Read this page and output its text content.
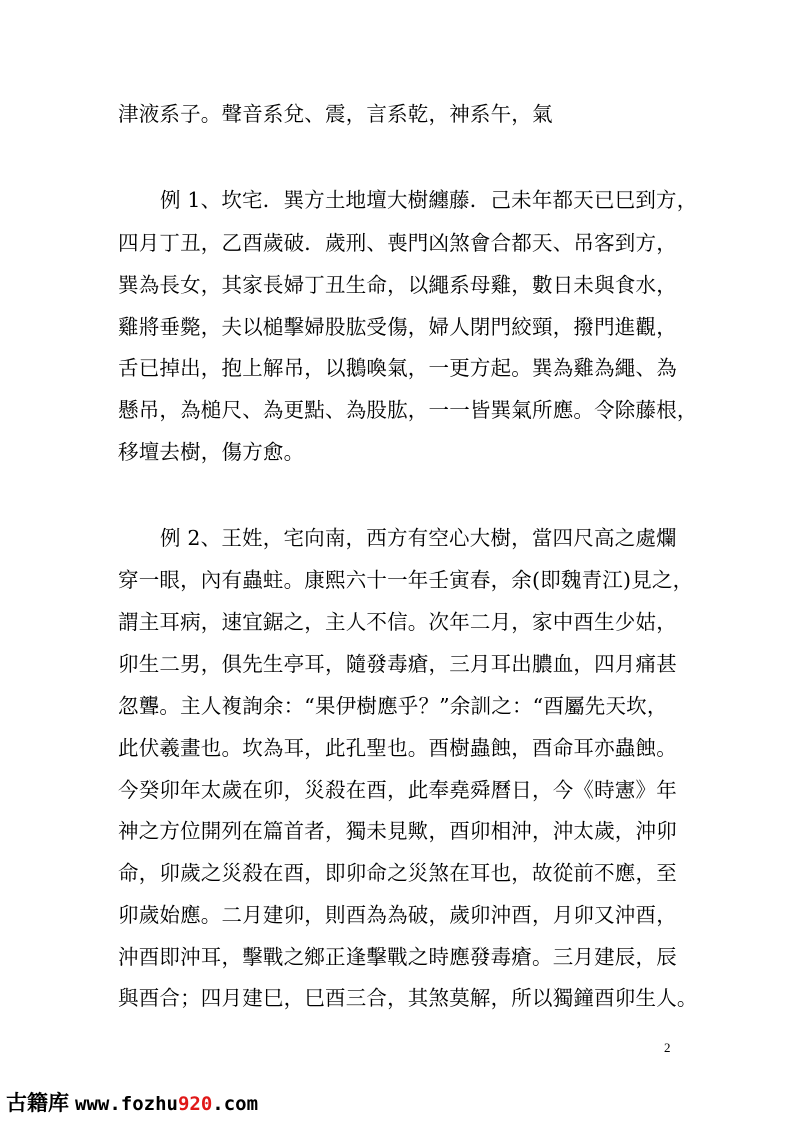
津液系子。聲音系兌、震，言系乾，神系午，氣
例 1、坎宅．巽方土地壇大樹纏藤．己未年都天已巳到方，
四月丁丑，乙酉歲破．歲刑、喪門凶煞會合都天、吊客到方，
巽為長女，其家長婦丁丑生命，以繩系母雞，數日未與食水，
雞將垂斃，夫以槌擊婦股肱受傷，婦人閉門絞頸，撥門進觀，
舌已掉出，抱上解吊，以鵝喚氣，一更方起。巽為雞為繩、為
懸吊，為槌尺、為更點、為股肱，一一皆巽氣所應。令除藤根，
移壇去樹，傷方愈。
例 2、王姓，宅向南，西方有空心大樹，當四尺高之處爛
穿一眼，內有蟲蛀。康熙六十一年壬寅春，余(即魏青江)見之，
謂主耳病，速宜鋸之，主人不信。次年二月，家中酉生少姑，
卯生二男，俱先生亭耳，隨發毒瘡，三月耳出膿血，四月痛甚
忽聾。主人複詢余：“果伊樹應乎？”余訓之：“酉屬先天坎，
此伏羲畫也。坎為耳，此孔聖也。酉樹蟲蝕，酉命耳亦蟲蝕。
今癸卯年太歲在卯，災殺在酉，此奉堯舜曆日，今《時憲》年
神之方位開列在篇首者，獨未見歟，酉卯相沖，沖太歲，沖卯
命，卯歲之災殺在酉，即卯命之災煞在耳也，故從前不應，至
卯歲始應。二月建卯，則酉為為破，歲卯沖酉，月卯又沖酉，
沖酉即沖耳，擊戰之鄉正逢擊戰之時應發毒瘡。三月建辰，辰
與酉合；四月建巳，巳酉三合，其煞莫解，所以獨鐘酉卯生人。
2
古籍库 www.fozhu920.com
